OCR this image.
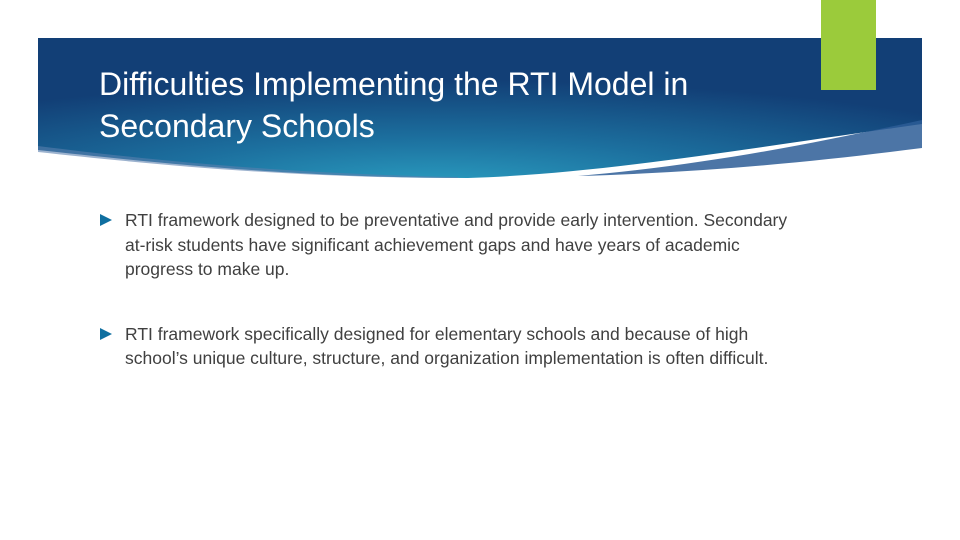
Difficulties Implementing the RTI Model in Secondary Schools
RTI framework designed to be preventative and provide early intervention. Secondary at-risk students have significant achievement gaps and have years of academic progress to make up.
RTI framework specifically designed for elementary schools and because of high school’s unique culture, structure, and organization implementation is often difficult.
